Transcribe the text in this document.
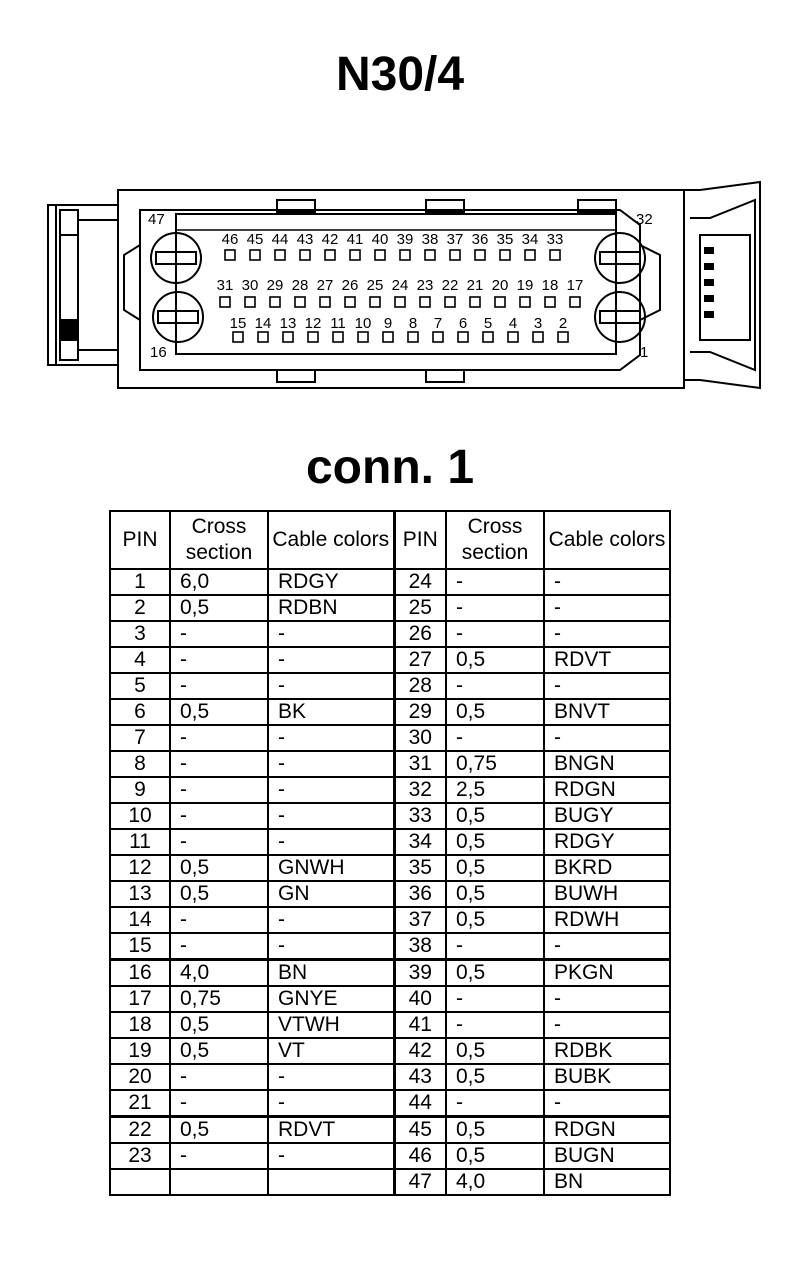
N30/4
46 45 44 43 42 41 40 39 38 37 36 35 34 33
31 30 29 28 27 26 25 24 23 22 21 20 19 18 17
15 14 13 12 11 10 9 8 7 6 5 4 3 2
47	32
16	1
conn. 1
PIN	Cross section	Cable colors	PIN	Cross section	Cable colors
1	6,0	RDGY	24	-	-
2	0,5	RDBN	25	-	-
3	-	-	26	-	-
4	-	-	27	0,5	RDVT
5	-	-	28	-	-
6	0,5	BK	29	0,5	BNVT
7	-	-	30	-	-
8	-	-	31	0,75	BNGN
9	-	-	32	2,5	RDGN
10	-	-	33	0,5	BUGY
11	-	-	34	0,5	RDGY
12	0,5	GNWH	35	0,5	BKRD
13	0,5	GN	36	0,5	BUWH
14	-	-	37	0,5	RDWH
15	-	-	38	-	-
16	4,0	BN	39	0,5	PKGN
17	0,75	GNYE	40	-	-
18	0,5	VTWH	41	-	-
19	0,5	VT	42	0,5	RDBK
20	-	-	43	0,5	BUBK
21	-	-	44	-	-
22	0,5	RDVT	45	0,5	RDGN
23	-	-	46	0,5	BUGN
			47	4,0	BN
